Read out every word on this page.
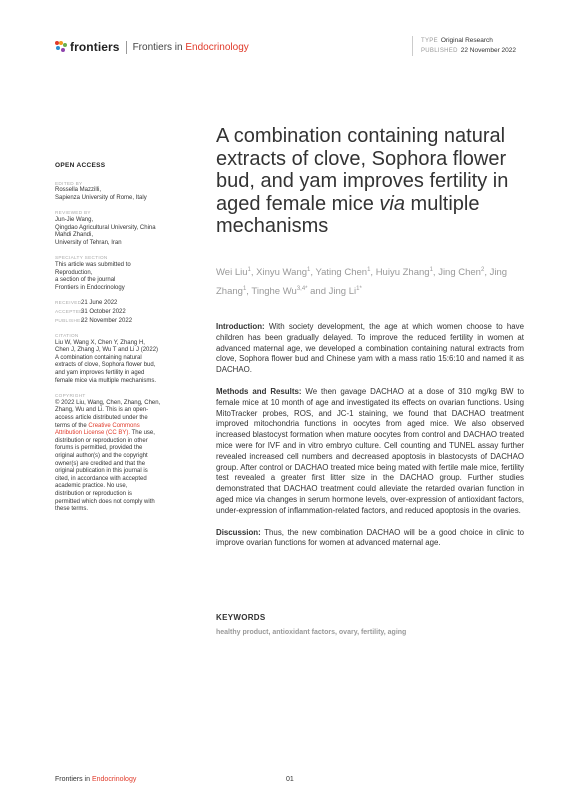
frontiers Frontiers in Endocrinology
TYPE Original Research
PUBLISHED 22 November 2022
OPEN ACCESS
EDITED BY
Rossella Mazzilli,
Sapienza University of Rome, Italy
REVIEWED BY
Jun-Jie Wang,
Qingdao Agricultural University, China
Mahdi Zhandi,
University of Tehran, Iran
SPECIALTY SECTION
This article was submitted to
Reproduction,
a section of the journal
Frontiers in Endocrinology
RECEIVED21 June 2022
ACCEPTED31 October 2022
PUBLISHED22 November 2022
CITATION
Liu W, Wang X, Chen Y, Zhang H,
Chen J, Zhang J, Wu T and Li J (2022)
A combination containing natural
extracts of clove, Sophora flower bud,
and yam improves fertility in aged
female mice via multiple mechanisms.
COPYRIGHT
© 2022 Liu, Wang, Chen, Zhang, Chen,
Zhang, Wu and Li. This is an open-
access article distributed under the
terms of the Creative Commons
Attribution License (CC BY). The use,
distribution or reproduction in other
forums is permitted, provided the
original author(s) and the copyright
owner(s) are credited and that the
original publication in this journal is
cited, in accordance with accepted
academic practice. No use,
distribution or reproduction is
permitted which does not comply with
these terms.
A combination containing natural extracts of clove, Sophora flower bud, and yam improves fertility in aged female mice via multiple mechanisms
Wei Liu$^1$, Xinyu Wang$^1$, Yating Chen$^1$, Huiyu Zhang$^1$, Jing Chen$^2$, Jing Zhang$^1$, Tinghe $Wu^{3,4*}$ and Jing $Li^{1*}$

Introduction: With society development, the age at which women choose to have children has been gradually delayed. To improve the reduced fertility in women at advanced maternal age, we developed a combination containing natural extracts from clove, Sophora flower bud and Chinese yam with a mass ratio 15:6:10 and named it as DACHAO.

Methods and Results: We then gavage DACHAO at a dose of 310 mg/kg BW to female mice at 10 month of age and investigated its effects on ovarian functions. Using MitoTracker probes, ROS, and JC-1 staining, we found that DACHAO treatment improved mitochondria functions in oocytes from aged mice. We also observed increased blastocyst formation when mature oocytes from control and DACHAO treated mice were for IVF and in vitro embryo culture. Cell counting and TUNEL assay further revealed increased cell numbers and decreased apoptosis in blastocysts of DACHAO group. After control or DACHAO treated mice being mated with fertile male mice, fertility test revealed a greater first litter size in the DACHAO group. Further studies demonstrated that DACHAO treatment could alleviate the retarded ovarian function in aged mice via changes in serum hormone levels, over-expression of antioxidant factors, under-expression of inflammation-related factors, and reduced apoptosis in the ovaries.

Discussion: Thus, the new combination DACHAO will be a good choice in clinic to improve ovarian functions for women at advanced maternal age.

KEYWORDS
healthy product, antioxidant factors, ovary, fertility, aging
Frontiers in Endocrinology	01
